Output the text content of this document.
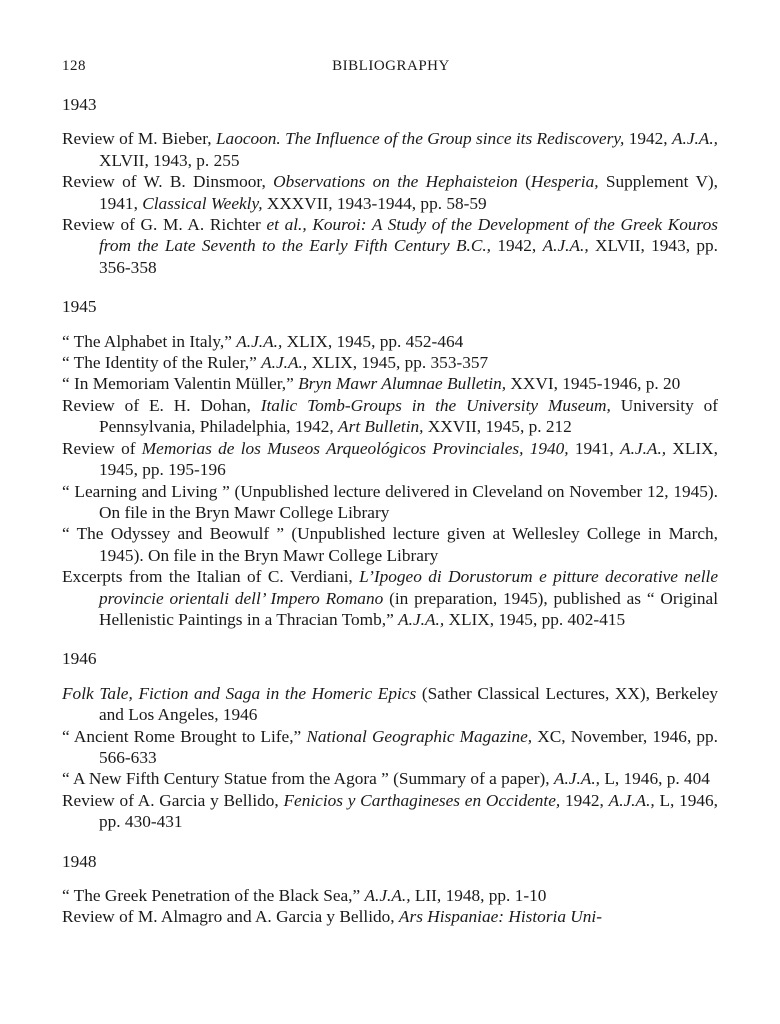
128	BIBLIOGRAPHY

1943

Review of M. Bieber, Laocoon. The Influence of the Group since its Rediscovery, 1942, A.J.A., XLVII, 1943, p. 255
Review of W. B. Dinsmoor, Observations on the Hephaisteion (Hesperia, Supplement V), 1941, Classical Weekly, XXXVII, 1943-1944, pp. 58-59
Review of G. M. A. Richter et al., Kouroi: A Study of the Development of the Greek Kouros from the Late Seventh to the Early Fifth Century B.C., 1942, A.J.A., XLVII, 1943, pp. 356-358

1945

“ The Alphabet in Italy,” A.J.A., XLIX, 1945, pp. 452-464
“ The Identity of the Ruler,” A.J.A., XLIX, 1945, pp. 353-357
“ In Memoriam Valentin Müller,” Bryn Mawr Alumnae Bulletin, XXVI, 1945-1946, p. 20
Review of E. H. Dohan, Italic Tomb-Groups in the University Museum, University of Pennsylvania, Philadelphia, 1942, Art Bulletin, XXVII, 1945, p. 212
Review of Memorias de los Museos Arqueológicos Provinciales, 1940, 1941, A.J.A., XLIX, 1945, pp. 195-196
“ Learning and Living ” (Unpublished lecture delivered in Cleveland on November 12, 1945). On file in the Bryn Mawr College Library
“ The Odyssey and Beowulf ” (Unpublished lecture given at Wellesley College in March, 1945). On file in the Bryn Mawr College Library
Excerpts from the Italian of C. Verdiani, L’Ipogeo di Dorustorum e pitture decorative nelle provincie orientali dell’ Impero Romano (in preparation, 1945), published as “ Original Hellenistic Paintings in a Thracian Tomb,” A.J.A., XLIX, 1945, pp. 402-415

1946

Folk Tale, Fiction and Saga in the Homeric Epics (Sather Classical Lectures, XX), Berkeley and Los Angeles, 1946
“ Ancient Rome Brought to Life,” National Geographic Magazine, XC, November, 1946, pp. 566-633
“ A New Fifth Century Statue from the Agora ” (Summary of a paper), A.J.A., L, 1946, p. 404
Review of A. Garcia y Bellido, Fenicios y Carthagineses en Occidente, 1942, A.J.A., L, 1946, pp. 430-431

1948

“ The Greek Penetration of the Black Sea,” A.J.A., LII, 1948, pp. 1-10
Review of M. Almagro and A. Garcia y Bellido, Ars Hispaniae: Historia Uni-
